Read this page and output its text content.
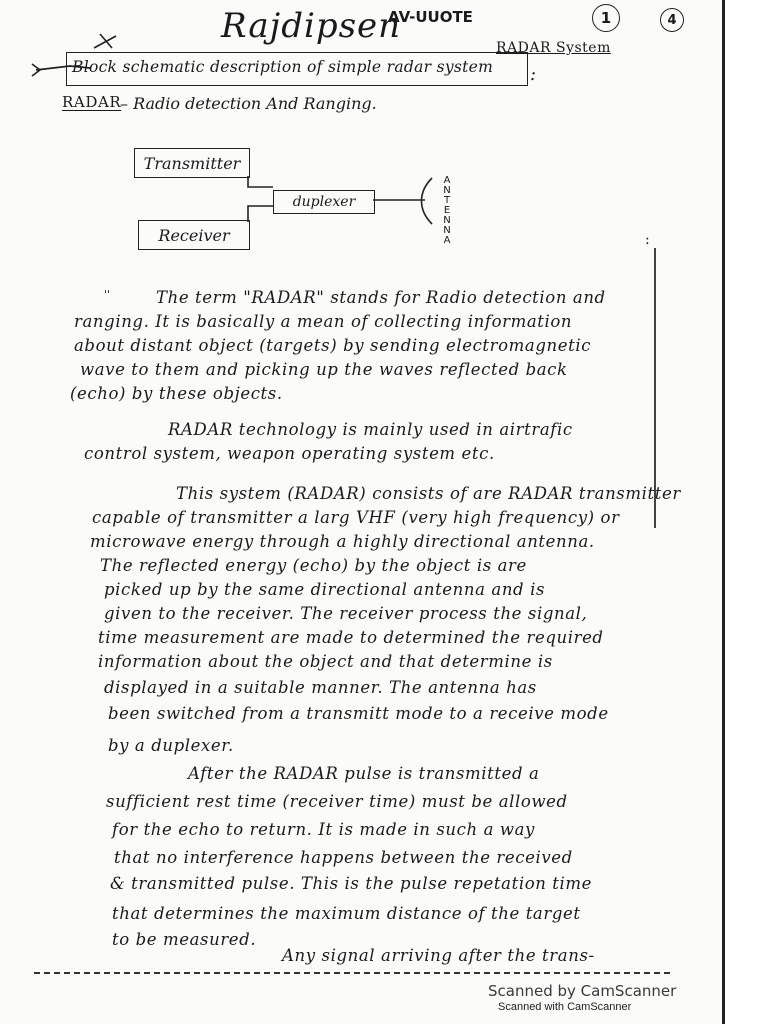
Rajdipsen
AV-UUOTE	1	4
RADAR System
Block schematic description of simple radar system :
RADAR
– Radio detection And Ranging.
Transmitter
Receiver
duplexer
A
N
T
E
N
N
A	:
''	The term "RADAR" stands for Radio detection and
ranging. It is basically a mean of collecting information
about distant object (targets) by sending electromagnetic
wave to them and picking up the waves reflected back
(echo) by these objects.
RADAR technology is mainly used in airtrafic
control system, weapon operating system etc.
This system (RADAR) consists of are RADAR transmitter
capable of transmitter a larg VHF (very high frequency) or
microwave energy through a highly directional antenna.
The reflected energy (echo) by the object is are
picked up by the same directional antenna and is
given to the receiver. The receiver process the signal,
time measurement are made to determined the required
information about the object and that determine is
displayed in a suitable manner. The antenna has
been switched from a transmitt mode to a receive mode
by a duplexer.
After the RADAR pulse is transmitted a
sufficient rest time (receiver time) must be allowed
for the echo to return. It is made in such a way
that no interference happens between the received
& transmitted pulse. This is the pulse repetation time
that determines the maximum distance of the target
to be measured.
Any signal arriving after the trans-
Scanned by CamScanner
Scanned with CamScanner
